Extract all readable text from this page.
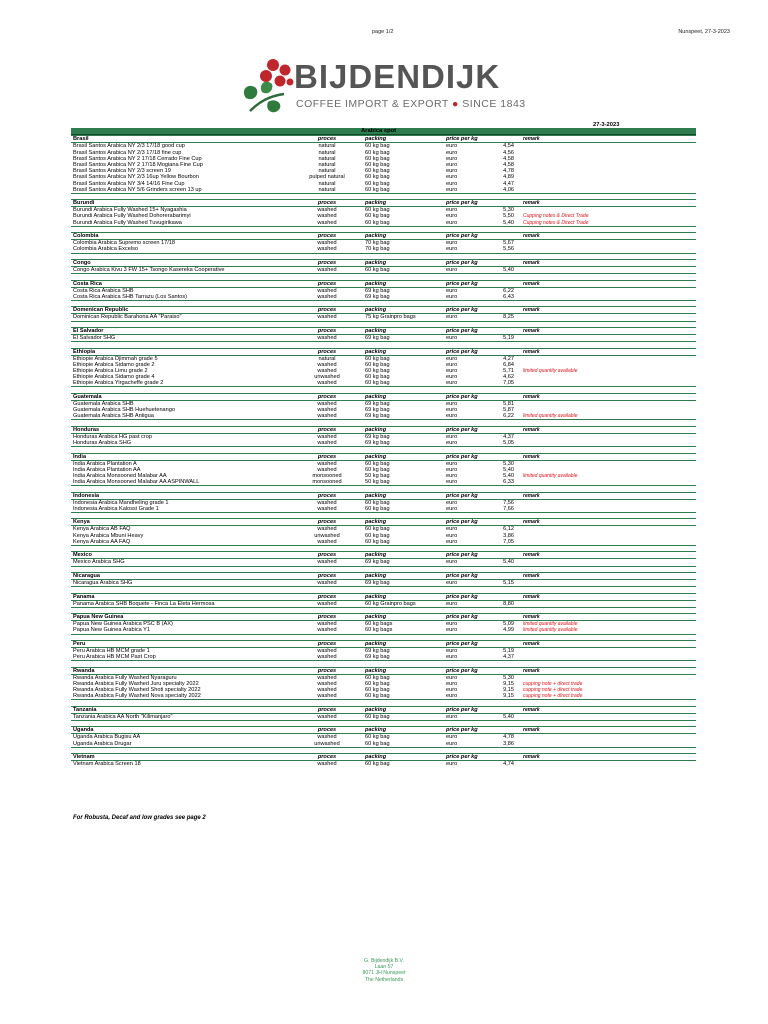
page 1/2	Nunspeet, 27-3-2023
BIJDENDIJK
COFFEE IMPORT & EXPORT ● SINCE 1843
27-3-2023
Arabica spot
Brasil	proces	packing	price per kg	remark
Brasil Santos Arabica NY 2/3 17/18 good cup	natural	60 kg bag	euro	4,54
Brasil Santos Arabica NY 2/3 17/18 fine cup	natural	60 kg bag	euro	4,56
Brasil Santos Arabica NY 2 17/18 Cerrado Fine Cup	natural	60 kg bag	euro	4,58
Brasil Santos Arabica NY 2 17/18 Mogiana Fine Cup	natural	60 kg bag	euro	4,58
Brasil Santos Arabica NY 2/3 screen 19	natural	60 kg bag	euro	4,78
Brasil Santos Arabica NY 2/3 16up Yellow Bourbon	pulped natural	60 kg bag	euro	4,89
Brasil Santos Arabica NY 3/4 14/16 Fine Cup	natural	60 kg bag	euro	4,47
Brasil Santos Arabica NY 5/6 Grinders screen 13 up	natural	60 kg bag	euro	4,06
Burundi	proces	packing	price per kg	remark
Burundi Arabica Fully Washed 15+ Nyagashia	washed	60 kg bag	euro	5,30
Burundi Arabica Fully Washed Dohorerabarimyi	washed	60 kg bag	euro	5,50 Cupping notes & Direct Trade
Burundi Arabica Fully Washed Tuvugirikawa	washed	60 kg bag	euro	5,40 Cupping notes & Direct Trade
Colombia	proces	packing	price per kg	remark
Colombia Arabica Supremo screen 17/18	washed	70 kg bag	euro	5,67
Colombia Arabica Excelso	washed	70 kg bag	euro	5,56
Congo	proces	packing	price per kg	remark
Congo Arabica Kivu 3 FW 15+ Tsongo Kasereka Cooperative	washed	60 kg bag	euro	5,40
Costa Rica	proces	packing	price per kg	remark
Costa Rica Arabica SHB	washed	69 kg bag	euro	6,22
Costa Rica Arabica SHB Tarrazu (Los Santos)	washed	69 kg bag	euro	6,43
Domenican Republic	proces	packing	price per kg	remark
Dominican Republic Barahona AA "Paraiso"	washed	75 kg Grainpro bags	euro	8,25
El Salvador	proces	packing	price per kg	remark
El Salvador SHG	washed	69 kg bag	euro	5,19
Ethiopia	proces	packing	price per kg	remark
Ethiopie Arabica Djimmah grade 5	natural	60 kg bag	euro	4,27
Ethiopie Arabica Sidamo grade 2	washed	60 kg bag	euro	6,84
Ethiopie Arabica Limu grade 2	washed	60 kg bag	euro	5,71 limited quantity available
Ethiopie Arabica Sidamo grade 4	unwashed	60 kg bag	euro	4,62
Ethiopie Arabica Yirgacheffe grade 2	washed	60 kg bag	euro	7,05
Guatemala	proces	packing	price per kg	remark
Guatemala Arabica SHB	washed	69 kg bag	euro	5,81
Guatemala Arabica SHB Huehuetenango	washed	69 kg bag	euro	5,87
Guatemala Arabica SHB Antigua	washed	69 kg bag	euro	6,22 limited quantity available
Honduras	proces	packing	price per kg	remark
Honduras Arabica HG past crop	washed	69 kg bag	euro	4,37
Honduras Arabica SHG	washed	69 kg bag	euro	5,05
India	proces	packing	price per kg	remark
India Arabica Plantation A	washed	60 kg bag	euro	5,30
India Arabica Plantation AA	washed	60 kg bag	euro	5,40
India Arabica Monsooned Malabar AA	monsooned	50 kg bag	euro	5,40 limited quantity available
India Arabica Monsooned Malabar AA ASPINWALL	monsooned	50 kg bag	euro	6,33
Indonesia	proces	packing	price per kg	remark
Indonesia Arabica Mandheling grade 1	washed	60 kg bag	euro	7,56
Indonesia Arabica Kalossi Grade 1	washed	60 kg bag	euro	7,66
Kenya	proces	packing	price per kg	remark
Kenya Arabica AB FAQ	washed	60 kg bag	euro	6,12
Kenya Arabica Mbuni Heavy	unwashed	60 kg bag	euro	3,86
Kenya Arabica AA FAQ	washed	60 kg bag	euro	7,05
Mexico	proces	packing	price per kg	remark
Mexico Arabica SHG	washed	69 kg bag	euro	5,40
Nicaragua	proces	packing	price per kg	remark
Nicaragua Arabica SHG	washed	69 kg bag	euro	5,15
Panama	proces	packing	price per kg	remark
Panama Arabica SHB Boquete - Finca La Eleta Hermosa	washed	60 kg Grainpro bags	euro	8,80
Papua New Guinea	proces	packing	price per kg	remark
Papua New Guinea Arabica PSC B (AX)	washed	60 kg bags	euro	5,09 limited quantity available
Papua New Guinea Arabica Y1	washed	60 kg bags	euro	4,99 limited quantity available
Peru	proces	packing	price per kg	remark
Peru Arabica HB MCM grade 1	washed	69 kg bag	euro	5,19
Peru Arabica HB MCM Past Crop	washed	69 kg bag	euro	4,37
Rwanda	proces	packing	price per kg	remark
Rwanda Arabica Fully Washed Nyaraguru	washed	60 kg bag	euro	5,30
Rwanda Arabica Fully Washed Juru specialty 2022	washed	60 kg bag	euro	9,15 cupping note + direct trade
Rwanda Arabica Fully Washed Shoti specialty 2022	washed	60 kg bag	euro	9,15 cupping note + direct trade
Rwanda Arabica Fully Washed Nova specialty 2022	washed	60 kg bag	euro	9,15 cupping note + direct trade
Tanzania	proces	packing	price per kg	remark
Tanzania Arabica AA North "Kilimanjaro"	washed	60 kg bag	euro	5,40
Uganda	proces	packing	price per kg	remark
Uganda Arabica Bugisu AA	washed	60 kg bag	euro	4,78
Uganda Arabica Drugar	unwashed	60 kg bag	euro	3,86
Vietnam	proces	packing	price per kg	remark
Vietnam Arabica Screen 18	washed	60 kg bag	euro	4,74
For Robusta, Decaf and low grades see page 2
G. Bijdendijk B.V.
Laan 57
8071 JH Nunspeet
The Netherlands
